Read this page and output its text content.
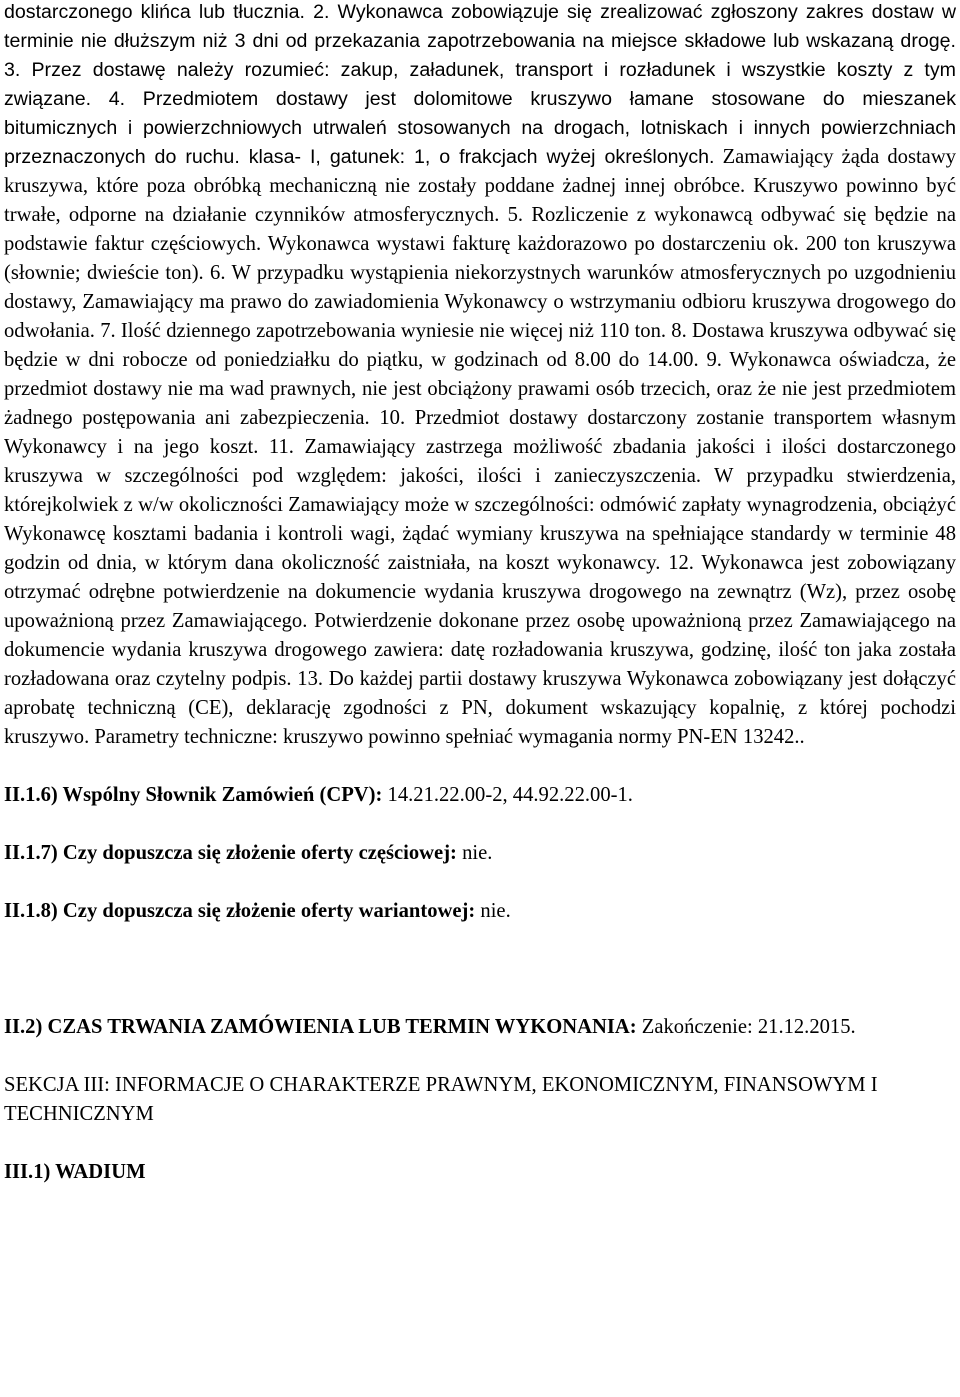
dostarczonego klińca lub tłucznia. 2. Wykonawca zobowiązuje się zrealizować zgłoszony zakres dostaw w terminie nie dłuższym niż 3 dni od przekazania zapotrzebowania na miejsce składowe lub wskazaną drogę. 3. Przez dostawę należy rozumieć: zakup, załadunek, transport i rozładunek i wszystkie koszty z tym związane. 4. Przedmiotem dostawy jest dolomitowe kruszywo łamane stosowane do mieszanek bitumicznych i powierzchniowych utrwaleń stosowanych na drogach, lotniskach i innych powierzchniach przeznaczonych do ruchu. klasa- I, gatunek: 1, o frakcjach wyżej określonych. Zamawiający żąda dostawy kruszywa, które poza obróbką mechaniczną nie zostały poddane żadnej innej obróbce. Kruszywo powinno być trwałe, odporne na działanie czynników atmosferycznych. 5. Rozliczenie z wykonawcą odbywać się będzie na podstawie faktur częściowych. Wykonawca wystawi fakturę każdorazowo po dostarczeniu ok. 200 ton kruszywa (słownie; dwieście ton). 6. W przypadku wystąpienia niekorzystnych warunków atmosferycznych po uzgodnieniu dostawy, Zamawiający ma prawo do zawiadomienia Wykonawcy o wstrzymaniu odbioru kruszywa drogowego do odwołania. 7. Ilość dziennego zapotrzebowania wyniesie nie więcej niż 110 ton. 8. Dostawa kruszywa odbywać się będzie w dni robocze od poniedziałku do piątku, w godzinach od 8.00 do 14.00. 9. Wykonawca oświadcza, że przedmiot dostawy nie ma wad prawnych, nie jest obciążony prawami osób trzecich, oraz że nie jest przedmiotem żadnego postępowania ani zabezpieczenia. 10. Przedmiot dostawy dostarczony zostanie transportem własnym Wykonawcy i na jego koszt. 11. Zamawiający zastrzega możliwość zbadania jakości i ilości dostarczonego kruszywa w szczególności pod względem: jakości, ilości i zanieczyszczenia. W przypadku stwierdzenia, którejkolwiek z w/w okoliczności Zamawiający może w szczególności: odmówić zapłaty wynagrodzenia, obciążyć Wykonawcę kosztami badania i kontroli wagi, żądać wymiany kruszywa na spełniające standardy w terminie 48 godzin od dnia, w którym dana okoliczność zaistniała, na koszt wykonawcy. 12. Wykonawca jest zobowiązany otrzymać odrębne potwierdzenie na dokumencie wydania kruszywa drogowego na zewnątrz (Wz), przez osobę upoważnioną przez Zamawiającego. Potwierdzenie dokonane przez osobę upoważnioną przez Zamawiającego na dokumencie wydania kruszywa drogowego zawiera: datę rozładowania kruszywa, godzinę, ilość ton jaka została rozładowana oraz czytelny podpis. 13. Do każdej partii dostawy kruszywa Wykonawca zobowiązany jest dołączyć aprobatę techniczną (CE), deklarację zgodności z PN, dokument wskazujący kopalnię, z której pochodzi kruszywo. Parametry techniczne: kruszywo powinno spełniać wymagania normy PN-EN 13242..

II.1.6) Wspólny Słownik Zamówień (CPV): 14.21.22.00-2, 44.92.22.00-1.

II.1.7) Czy dopuszcza się złożenie oferty częściowej: nie.

II.1.8) Czy dopuszcza się złożenie oferty wariantowej: nie.

II.2) CZAS TRWANIA ZAMÓWIENIA LUB TERMIN WYKONANIA: Zakończenie: 21.12.2015.

SEKCJA III: INFORMACJE O CHARAKTERZE PRAWNYM, EKONOMICZNYM, FINANSOWYM I TECHNICZNYM

III.1) WADIUM
